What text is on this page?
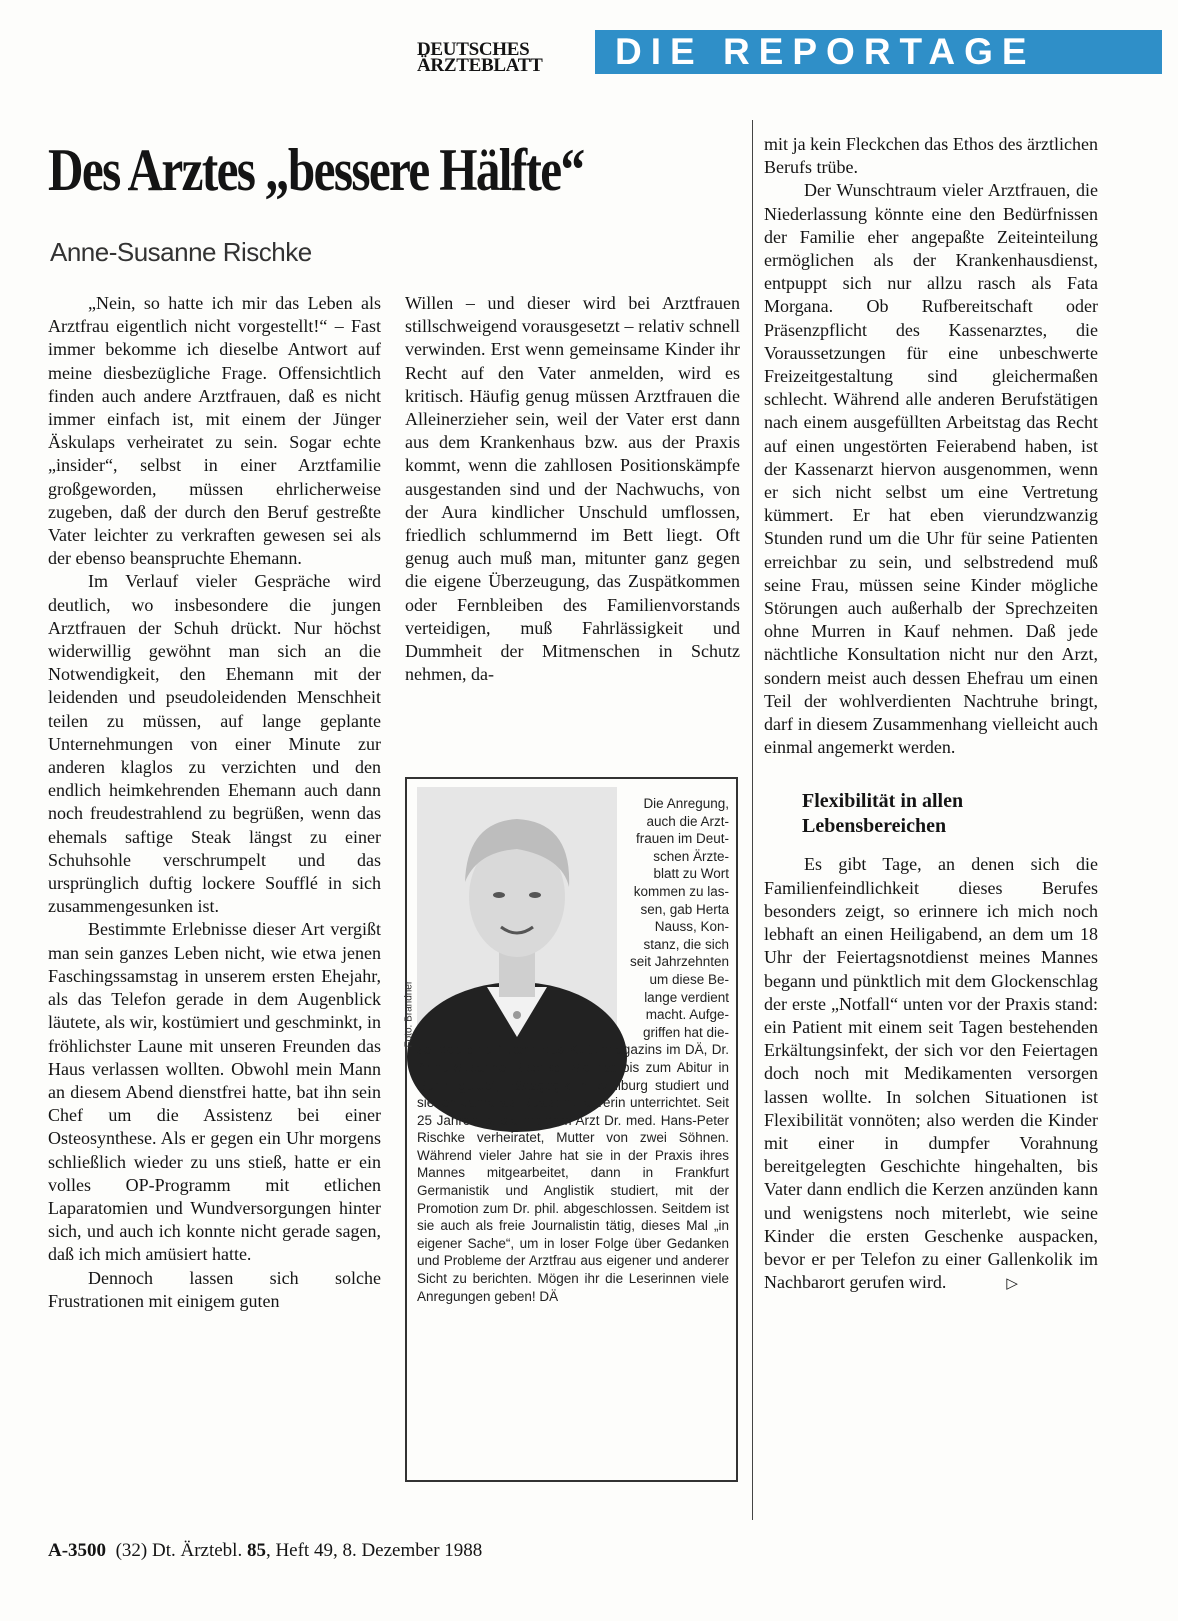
DEUTSCHES
ÄRZTEBLATT	DIE REPORTAGE
Des Arztes „bessere Hälfte“
Anne-Susanne Rischke

„Nein, so hatte ich mir das Leben als Arztfrau eigentlich nicht vorgestellt!“ – Fast immer bekomme ich dieselbe Antwort auf meine diesbezügliche Frage. Offensichtlich finden auch andere Arztfrauen, daß es nicht immer einfach ist, mit einem der Jünger Äskulaps verheiratet zu sein. Sogar echte „insider“, selbst in einer Arztfamilie großgeworden, müssen ehrlicherweise zugeben, daß der durch den Beruf gestreßte Vater leichter zu verkraften gewesen sei als der ebenso beanspruchte Ehemann.

Im Verlauf vieler Gespräche wird deutlich, wo insbesondere die jungen Arztfrauen der Schuh drückt. Nur höchst widerwillig gewöhnt man sich an die Notwendigkeit, den Ehemann mit der leidenden und pseudoleidenden Menschheit teilen zu müssen, auf lange geplante Unternehmungen von einer Minute zur anderen klaglos zu verzichten und den endlich heimkehrenden Ehemann auch dann noch freudestrahlend zu begrüßen, wenn das ehemals saftige Steak längst zu einer Schuhsohle verschrumpelt und das ursprünglich duftig lockere Soufflé in sich zusammengesunken ist.

Bestimmte Erlebnisse dieser Art vergißt man sein ganzes Leben nicht, wie etwa jenen Faschingssamstag in unserem ersten Ehejahr, als das Telefon gerade in dem Augenblick läutete, als wir, kostümiert und geschminkt, in fröhlichster Laune mit unseren Freunden das Haus verlassen wollten. Obwohl mein Mann an diesem Abend dienstfrei hatte, bat ihn sein Chef um die Assistenz bei einer Osteosynthese. Als er gegen ein Uhr morgens schließlich wieder zu uns stieß, hatte er ein volles OP-Programm mit etlichen Laparatomien und Wundversorgungen hinter sich, und auch ich konnte nicht gerade sagen, daß ich mich amüsiert hatte.

Dennoch lassen sich solche Frustrationen mit einigem guten

Willen – und dieser wird bei Arztfrauen stillschweigend vorausgesetzt – relativ schnell verwinden. Erst wenn gemeinsame Kinder ihr Recht auf den Vater anmelden, wird es kritisch. Häufig genug müssen Arztfrauen die Alleinerzieher sein, weil der Vater erst dann aus dem Krankenhaus bzw. aus der Praxis kommt, wenn die zahllosen Positionskämpfe ausgestanden sind und der Nachwuchs, von der Aura kindlicher Unschuld umflossen, friedlich schlummernd im Bett liegt. Oft genug auch muß man, mitunter ganz gegen die eigene Überzeugung, das Zuspätkommen oder Fernbleiben des Familienvorstands verteidigen, muß Fahrlässigkeit und Dummheit der Mitmenschen in Schutz nehmen, da-

Foto: Brandner
Die Anregung,
auch die Arzt-
frauen im Deut-
schen Ärzte-
blatt zu Wort
kommen zu las-
sen, gab Herta
Nauss, Kon-
stanz, die sich
seit Jahrzehnten
um diese Be-
lange verdient
macht. Aufge-
griffen hat die-
se Idee eine Autorin des Kulturmagazins im DÄ, Dr. Anne-Susanne Rischke. Sie hat bis zum Abitur in Berlin gelebt, Pädagogik in Weilburg studiert und sieben Jahre als Realschullehrerin unterrichtet. Seit 25 Jahren ist sie mit dem Arzt Dr. med. Hans-Peter Rischke verheiratet, Mutter von zwei Söhnen. Während vieler Jahre hat sie in der Praxis ihres Mannes mitgearbeitet, dann in Frankfurt Germanistik und Anglistik studiert, mit der Promotion zum Dr. phil. abgeschlossen. Seitdem ist sie auch als freie Journalistin tätig, dieses Mal „in eigener Sache“, um in loser Folge über Gedanken und Probleme der Arztfrau aus eigener und anderer Sicht zu berichten. Mögen ihr die Leserinnen viele Anregungen geben! DÄ

mit ja kein Fleckchen das Ethos des ärztlichen Berufs trübe.

Der Wunschtraum vieler Arztfrauen, die Niederlassung könnte eine den Bedürfnissen der Familie eher angepaßte Zeiteinteilung ermöglichen als der Krankenhausdienst, entpuppt sich nur allzu rasch als Fata Morgana. Ob Rufbereitschaft oder Präsenzpflicht des Kassenarztes, die Voraussetzungen für eine unbeschwerte Freizeitgestaltung sind gleichermaßen schlecht. Während alle anderen Berufstätigen nach einem ausgefüllten Arbeitstag das Recht auf einen ungestörten Feierabend haben, ist der Kassenarzt hiervon ausgenommen, wenn er sich nicht selbst um eine Vertretung kümmert. Er hat eben vierundzwanzig Stunden rund um die Uhr für seine Patienten erreichbar zu sein, und selbstredend muß seine Frau, müssen seine Kinder mögliche Störungen auch außerhalb der Sprechzeiten ohne Murren in Kauf nehmen. Daß jede nächtliche Konsultation nicht nur den Arzt, sondern meist auch dessen Ehefrau um einen Teil der wohlverdienten Nachtruhe bringt, darf in diesem Zusammenhang vielleicht auch einmal angemerkt werden.

Flexibilität in allen
Lebensbereichen

Es gibt Tage, an denen sich die Familienfeindlichkeit dieses Berufes besonders zeigt, so erinnere ich mich noch lebhaft an einen Heiligabend, an dem um 18 Uhr der Feiertagsnotdienst meines Mannes begann und pünktlich mit dem Glockenschlag der erste „Notfall“ unten vor der Praxis stand: ein Patient mit einem seit Tagen bestehenden Erkältungsinfekt, der sich vor den Feiertagen doch noch mit Medikamenten versorgen lassen wollte. In solchen Situationen ist Flexibilität vonnöten; also werden die Kinder mit einer in dumpfer Vorahnung bereitgelegten Geschichte hingehalten, bis Vater dann endlich die Kerzen anzünden kann und wenigstens noch miterlebt, wie seine Kinder die ersten Geschenke auspacken, bevor er per Telefon zu einer Gallenkolik im Nachbarort gerufen wird.	▷

A-3500 (32) Dt. Ärztebl. 85, Heft 49, 8. Dezember 1988
